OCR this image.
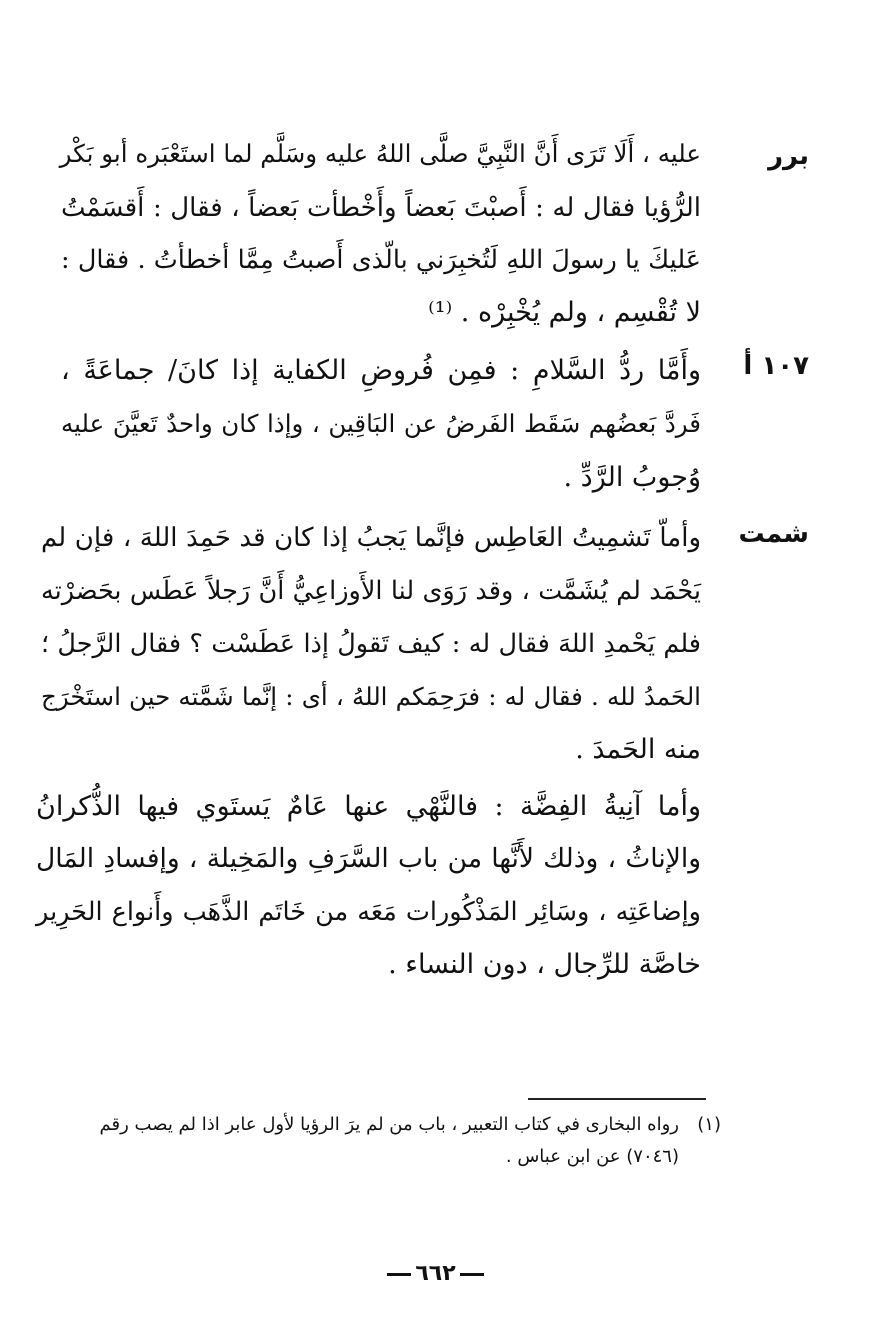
برر
١٠٧ أ
شمت
عليه ، أَلَا تَرَى أَنَّ النَّبِيَّ صلَّى اللهُ عليه وسَلَّم لما استَعْبَره أبو بَكْر
الرُّؤيا فقال له : أَصبْتَ بَعضاً وأَخْطأت بَعضاً ، فقال : أَقسَمْتُ
عَليكَ يا رسولَ اللهِ لَتُخبِرَني بالّذى أَصبتُ مِمَّا أخطأتُ . فقال :
لا تُقْسِم ، ولم يُخْبِرْه . ⁽¹⁾
وأَمَّا ردُّ السَّلامِ : فمِن فُروضِ الكفاية إذا كانَ/ جماعَةً ،
فَردَّ بَعضُهم سَقَط الفَرضُ عن البَاقِين ، وإذا كان واحدٌ تَعيَّنَ عليه
وُجوبُ الرَّدِّ .
وأماّ تَشمِيتُ العَاطِس فإنَّما يَجبُ إذا كان قد حَمِدَ اللهَ ، فإن لم
يَحْمَد لم يُشَمَّت ، وقد رَوَى لنا الأَوزاعِيُّ أَنَّ رَجلاً عَطَس بحَضرْته
فلم يَحْمدِ اللهَ فقال له : كيف تَقولُ إذا عَطَسْت ؟ فقال الرَّجلُ ؛
الحَمدُ لله . فقال له : فرَحِمَكم اللهُ ، أى : إنَّما شَمَّته حين استَخْرَج
منه الحَمدَ .
وأما آنِيةُ الفِضَّة : فالنَّهْي عنها عَامٌ يَستَوي فيها الذُّكرانُ
والإناثُ ، وذلك لأَنَّها من باب السَّرَفِ والمَخِيلة ، وإفسادِ المَال
وإضاعَتِه ، وسَائِر المَذْكُورات مَعَه من خَاتَم الذَّهَب وأَنواع الحَرِير
خاصَّة للرِّجال ، دون النساء .
(١)
رواه البخارى في كتاب التعبير ، باب من لم يرَ الرؤيا لأول عابر اذا لم يصب رقم
(٧٠٤٦) عن ابن عباس .
٦٦٢
